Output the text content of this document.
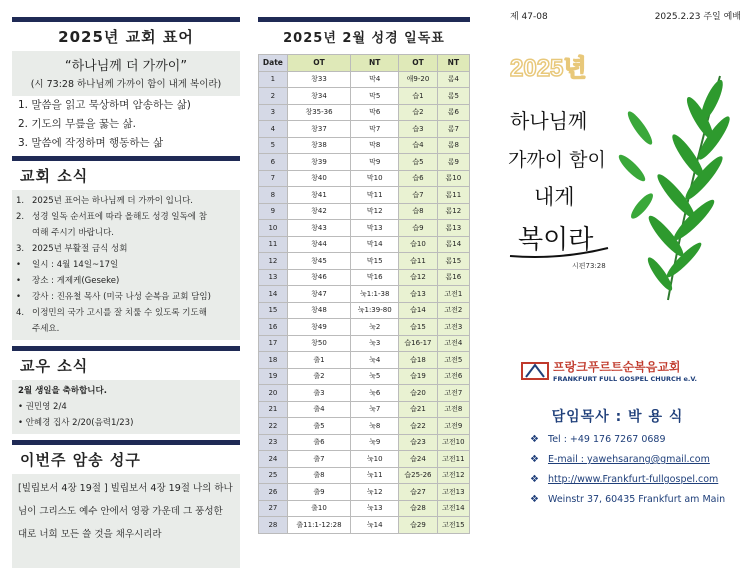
2025년 교회 표어
“하나님께 더 가까이”
(시 73:28 하나님께 가까이 함이 내게 복이라)
1. 말씀을 읽고 묵상하며 암송하는 삶)
2. 기도의 무릎을 꿇는 삶.
3. 말씀에 작정하며 행동하는 삶
교회 소식
1. 2025년 표어는 하나님께 더 가까이 입니다.
2. 성경 일독 순서표에 따라 올해도 성경 일독에 참
여해 주시기 바랍니다.
3. 2025년 부활절 금식 성회
•	일시 : 4월 14일~17일
•	장소 : 게제케(Geseke)
•	강사 : 진유철 목사 (미국 나성 순복음 교회 담임)
4. 이정민의 국가 고시를 잘 치룰 수 있도록 기도해
주세요.
교우 소식
2월 생일을 축하합니다.
• 권민영 2/4
• 안혜경 집사 2/20(음력1/23)
이번주 암송 성구
[빌립보서 4장 19절 ] 빌립보서 4장 19절 나의 하나님이 그리스도 예수 안에서 영광 가운데 그 풍성한 대로 너희 모든 쓸 것을 채우시리라
2025년 2월 성경 일독표
Date	OT	NT	OT	NT
1	창33	막4	애9-20	롬4
2	창34	막5	습1	롬5
3	창35-36	막6	습2	롬6
4	창37	막7	습3	롬7
5	창38	막8	습4	롬8
6	창39	막9	습5	롬9
7	창40	막10	습6	롬10
8	창41	막11	습7	롬11
9	창42	막12	습8	롬12
10	창43	막13	습9	롬13
11	창44	막14	습10	롬14
12	창45	막15	습11	롬15
13	창46	막16	습12	롬16
14	창47	눅1:1-38	습13	고전1
15	창48	눅1:39-80	습14	고전2
16	창49	눅2	습15	고전3
17	창50	눅3	습16-17	고전4
18	출1	눅4	습18	고전5
19	출2	눅5	습19	고전6
20	출3	눅6	습20	고전7
21	출4	눅7	습21	고전8
22	출5	눅8	습22	고전9
23	출6	눅9	습23	고전10
24	출7	눅10	습24	고전11
25	출8	눅11	습25-26	고전12
26	출9	눅12	습27	고전13
27	출10	눅13	습28	고전14
28	출11:1-12:28	눅14	습29	고전15
제 47-08	2025.2.23 주일 예배
2025년
하나님께
가까이 함이
내게
복이라
시편73:28
프랑크푸르트순복음교회
FRANKFURT FULL GOSPEL CHURCH e.V.
담임목사 : 박 용 식
❖ Tel : +49 176 7267 0689
❖ E-mail : yawehsarang@gmail.com
❖ http://www.Frankfurt-fullgospel.com
❖ Weinstr 37, 60435 Frankfurt am Main
